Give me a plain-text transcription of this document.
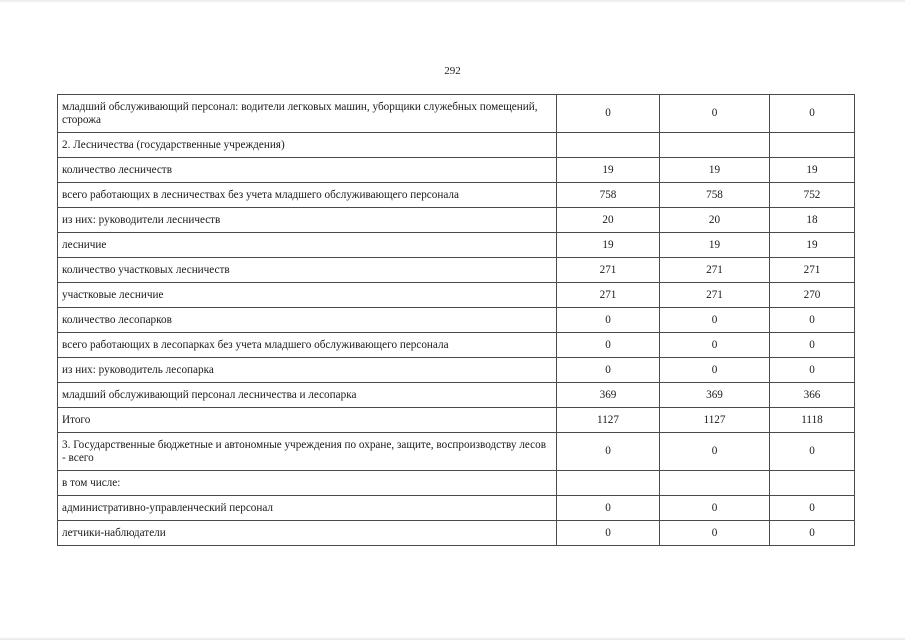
292
младший обслуживающий персонал: водители легковых машин, уборщики служебных помещений, сторожа	0	0	0
2. Лесничества (государственные учреждения)			
количество лесничеств	19	19	19
всего работающих в лесничествах без учета младшего обслуживающего персонала	758	758	752
из них: руководители лесничеств	20	20	18
лесничие	19	19	19
количество участковых лесничеств	271	271	271
участковые лесничие	271	271	270
количество лесопарков	0	0	0
всего работающих в лесопарках без учета младшего обслуживающего персонала	0	0	0
из них: руководитель лесопарка	0	0	0
младший обслуживающий персонал лесничества и лесопарка	369	369	366
Итого	1127	1127	1118
3. Государственные бюджетные и автономные учреждения по охране, защите, воспроизводству лесов - всего	0	0	0
в том числе:			
административно-управленческий персонал	0	0	0
летчики-наблюдатели	0	0	0
